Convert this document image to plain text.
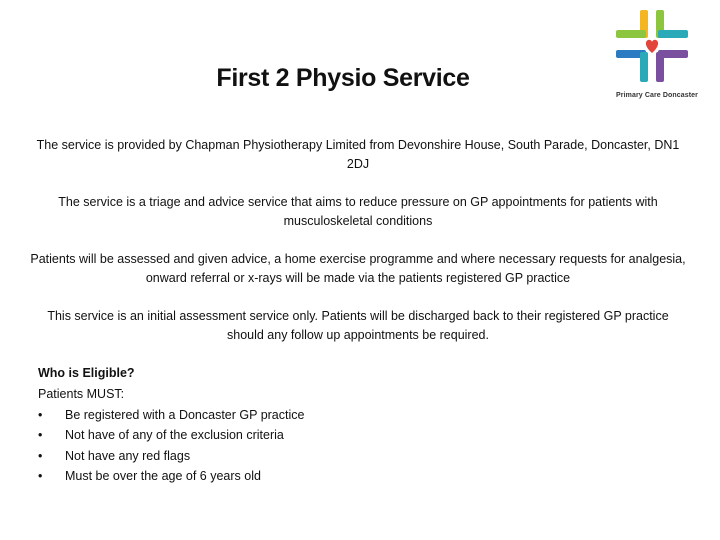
Primary Care Doncaster
First 2 Physio Service
The service is provided by Chapman Physiotherapy Limited from Devonshire House, South Parade, Doncaster, DN1 2DJ
The service is a triage and advice service that aims to reduce pressure on GP appointments for patients with musculoskeletal conditions
Patients will be assessed and given advice, a home exercise programme and where necessary requests for analgesia, onward referral or x-rays will be made via the patients registered GP practice
This service is an initial assessment service only. Patients will be discharged back to their registered GP practice should any follow up appointments be required.
Who is Eligible?
Patients MUST:
• Be registered with a Doncaster GP practice
• Not have of any of the exclusion criteria
• Not have any red flags
• Must be over the age of 6 years old
